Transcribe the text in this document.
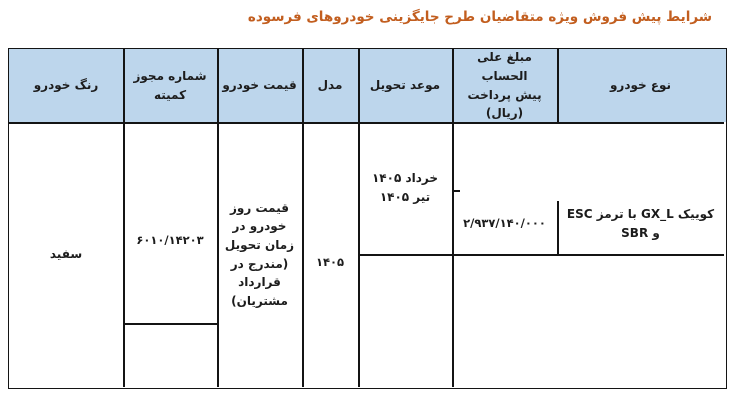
شرایط پیش فروش ویژه متقاضیان طرح جایگزینی خودروهای فرسوده
رنگ خودرو
شماره مجوز
کمیته
قیمت خودرو	مدل	موعد تحویل
مبلغ علی الحساب
پیش پرداخت
(ریال)
نوع خودرو
سفید
۶۰۱۰/۱۴۲۰۳
قیمت روز خودرو در زمان تحویل (مندرج در قرارداد مشتریان)
۱۴۰۵
خرداد ۱۴۰۵
تیر ۱۴۰۵
۲/۹۳۷/۱۴۰/۰۰۰
کوییک GX_L با ترمز ESC و SBR
